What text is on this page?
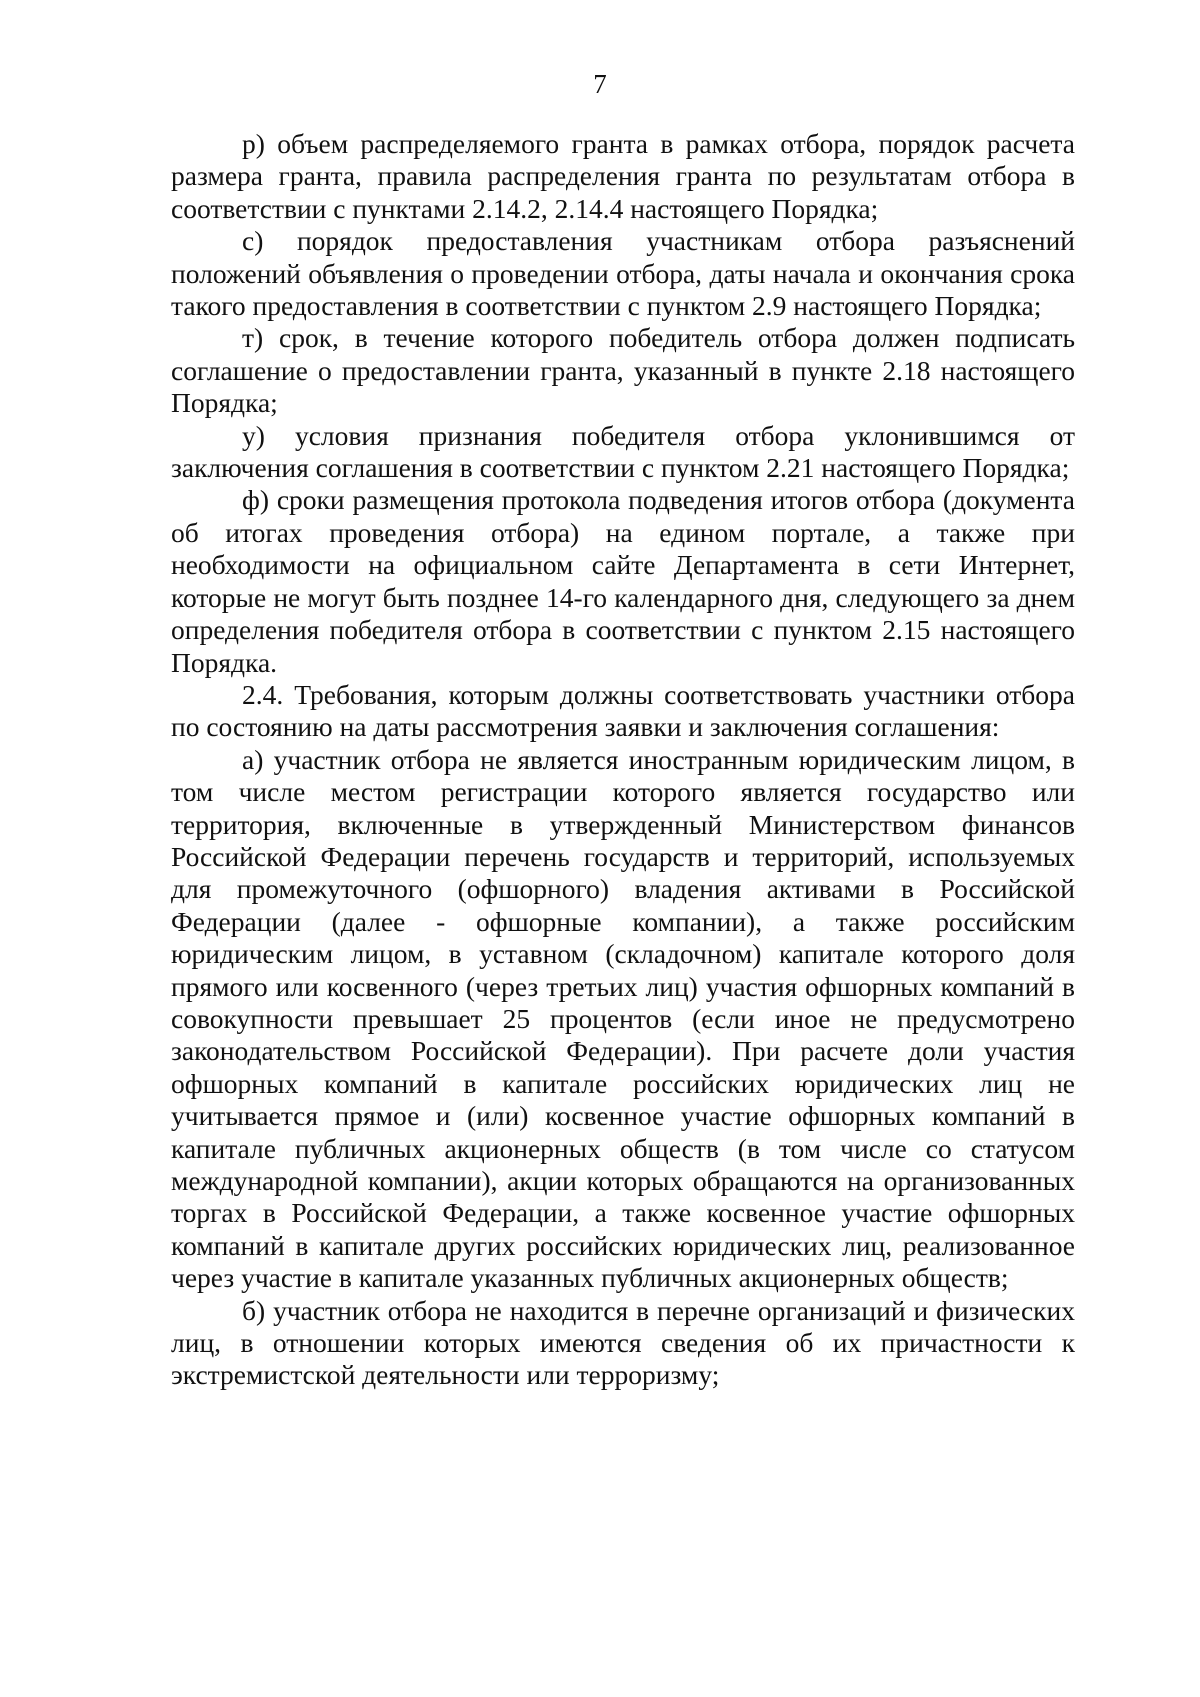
7

р) объем распределяемого гранта в рамках отбора, порядок расчета размера гранта, правила распределения гранта по результатам отбора в соответствии с пунктами 2.14.2, 2.14.4 настоящего Порядка;

с) порядок предоставления участникам отбора разъяснений положений объявления о проведении отбора, даты начала и окончания срока такого предоставления в соответствии с пунктом 2.9 настоящего Порядка;

т) срок, в течение которого победитель отбора должен подписать соглашение о предоставлении гранта, указанный в пункте 2.18 настоящего Порядка;

у) условия признания победителя отбора уклонившимся от заключения соглашения в соответствии с пунктом 2.21 настоящего Порядка;

ф) сроки размещения протокола подведения итогов отбора (документа об итогах проведения отбора) на едином портале, а также при необходимости на официальном сайте Департамента в сети Интернет, которые не могут быть позднее 14-го календарного дня, следующего за днем определения победителя отбора в соответствии с пунктом 2.15 настоящего Порядка.

2.4. Требования, которым должны соответствовать участники отбора по состоянию на даты рассмотрения заявки и заключения соглашения:

а) участник отбора не является иностранным юридическим лицом, в том числе местом регистрации которого является государство или территория, включенные в утвержденный Министерством финансов Российской Федерации перечень государств и территорий, используемых для промежуточного (офшорного) владения активами в Российской Федерации (далее - офшорные компании), а также российским юридическим лицом, в уставном (складочном) капитале которого доля прямого или косвенного (через третьих лиц) участия офшорных компаний в совокупности превышает 25 процентов (если иное не предусмотрено законодательством Российской Федерации). При расчете доли участия офшорных компаний в капитале российских юридических лиц не учитывается прямое и (или) косвенное участие офшорных компаний в капитале публичных акционерных обществ (в том числе со статусом международной компании), акции которых обращаются на организованных торгах в Российской Федерации, а также косвенное участие офшорных компаний в капитале других российских юридических лиц, реализованное через участие в капитале указанных публичных акционерных обществ;

б) участник отбора не находится в перечне организаций и физических лиц, в отношении которых имеются сведения об их причастности к экстремистской деятельности или терроризму;
